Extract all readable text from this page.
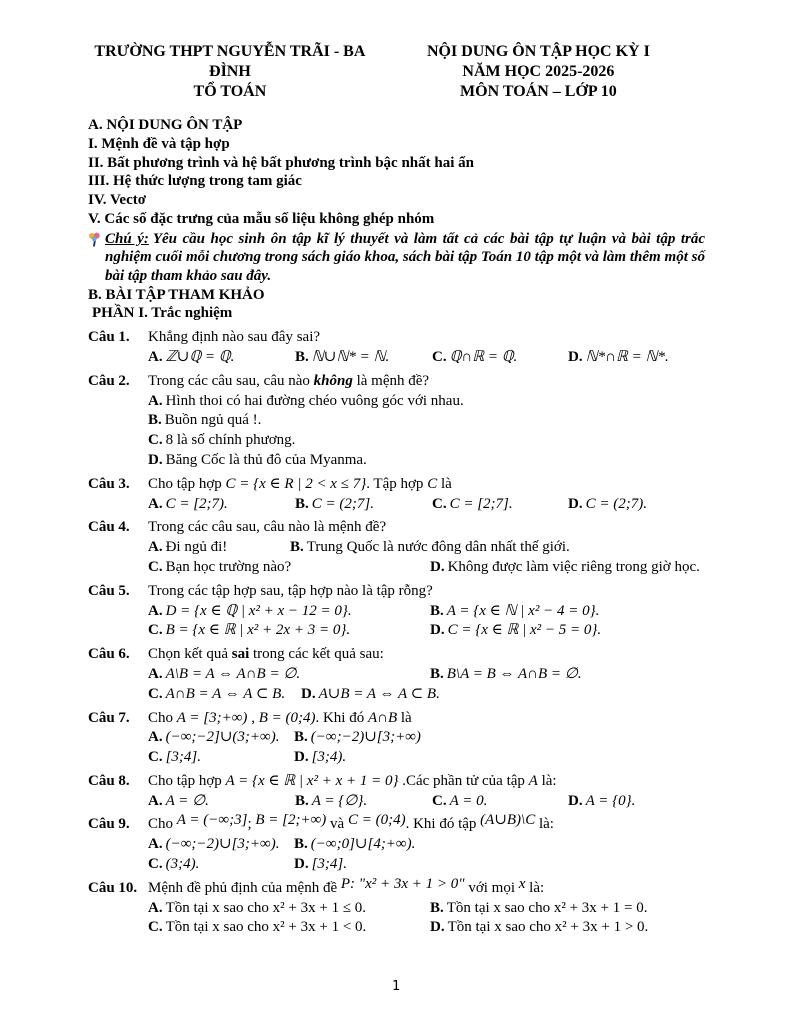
TRƯỜNG THPT NGUYỄN TRÃI - BA ĐÌNH
TỔ TOÁN
NỘI DUNG ÔN TẬP HỌC KỲ I
NĂM HỌC 2025-2026
MÔN TOÁN – LỚP 10
A. NỘI DUNG ÔN TẬP
I. Mệnh đề và tập hợp
II. Bất phương trình và hệ bất phương trình bậc nhất hai ẩn
III. Hệ thức lượng trong tam giác
IV. Vectơ
V. Các số đặc trưng của mẫu số liệu không ghép nhóm
Chú ý: Yêu cầu học sinh ôn tập kĩ lý thuyết và làm tất cả các bài tập tự luận và bài tập trắc nghiệm cuối mỗi chương trong sách giáo khoa, sách bài tập Toán 10 tập một và làm thêm một số bài tập tham khảo sau đây.
B. BÀI TẬP THAM KHẢO
PHẦN I. Trắc nghiệm
Câu 1.	Khẳng định nào sau đây sai?
A. ℤ∪ℚ = ℚ.	B. ℕ∪ℕ* = ℕ.	C. ℚ∩ℝ = ℚ.	D. ℕ*∩ℝ = ℕ*.
Câu 2.	Trong các câu sau, câu nào không là mệnh đề?
A. Hình thoi có hai đường chéo vuông góc với nhau.
B. Buồn ngủ quá !.
C. 8 là số chính phương.
D. Băng Cốc là thủ đô của Myanma.
Câu 3.	Cho tập hợp C = {x ∈ R | 2 < x ≤ 7}. Tập hợp C là
A. C = [2;7).	B. C = (2;7].	C. C = [2;7].	D. C = (2;7).
Câu 4.	Trong các câu sau, câu nào là mệnh đề?
A. Đi ngủ đi!	B. Trung Quốc là nước đông dân nhất thế giới.
C. Bạn học trường nào?	D. Không được làm việc riêng trong giờ học.
Câu 5.	Trong các tập hợp sau, tập hợp nào là tập rỗng?
A. D = {x ∈ ℚ | x² + x − 12 = 0}.	B. A = {x ∈ ℕ | x² − 4 = 0}.
C. B = {x ∈ ℝ | x² + 2x + 3 = 0}.	D. C = {x ∈ ℝ | x² − 5 = 0}.
Câu 6.	Chọn kết quả sai trong các kết quả sau:
A. A\B = A ⇔ A∩B = ∅.	B. B\A = B ⇔ A∩B = ∅.
C. A∩B = A ⇔ A ⊂ B.	D. A∪B = A ⇔ A ⊂ B.
Câu 7.	Cho A = [3;+∞) , B = (0;4). Khi đó A∩B là
A. (−∞;−2]∪(3;+∞). B. (−∞;−2)∪[3;+∞)
C. [3;4].	D. [3;4).
Câu 8.	Cho tập hợp A = {x ∈ ℝ | x² + x + 1 = 0} .Các phần tử của tập A là:
A. A = ∅.	B. A = {∅}.	C. A = 0.	D. A = {0}.
Câu 9.	Cho A = (−∞;3]; B = [2;+∞) và C = (0;4). Khi đó tập (A∪B)\C là:
A. (−∞;−2)∪[3;+∞). B. (−∞;0]∪[4;+∞).
C. (3;4).	D. [3;4].
Câu 10. Mệnh đề phủ định của mệnh đề P: "x² + 3x + 1 > 0" với mọi x là:
A. Tồn tại x sao cho x² + 3x + 1 ≤ 0.	B. Tồn tại x sao cho x² + 3x + 1 = 0.
C. Tồn tại x sao cho x² + 3x + 1 < 0.	D. Tồn tại x sao cho x² + 3x + 1 > 0.
1
